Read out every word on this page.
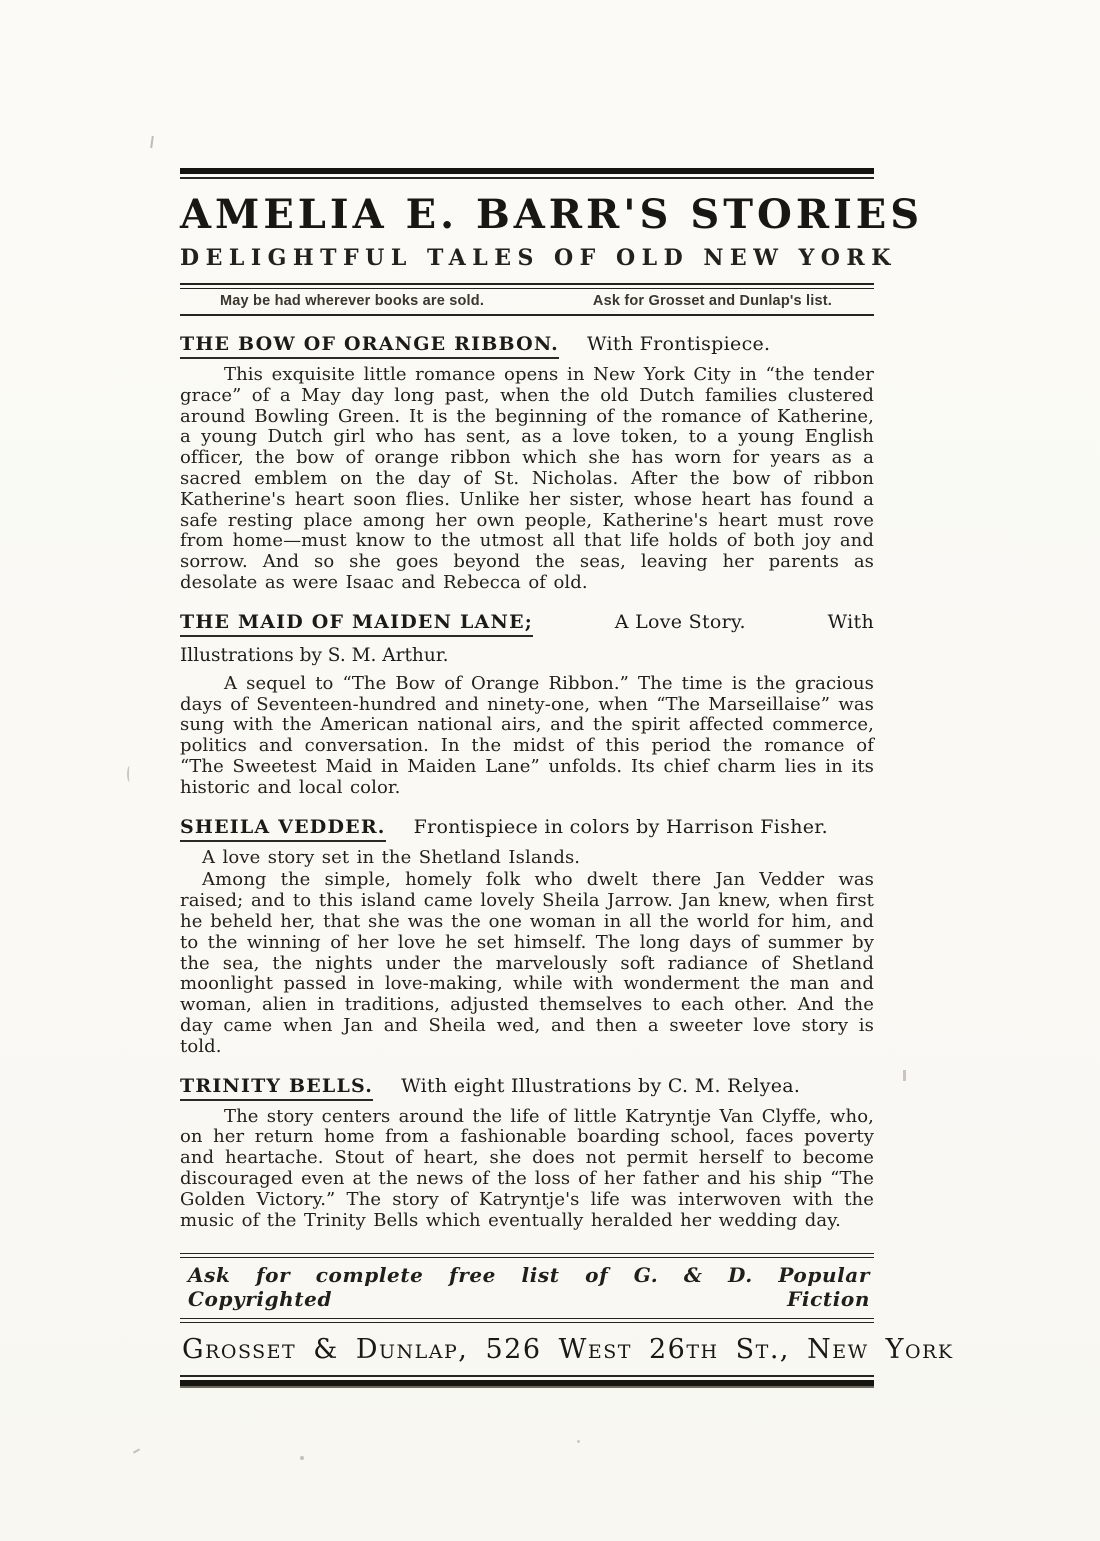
AMELIA E. BARR'S STORIES
DELIGHTFUL TALES OF OLD NEW YORK
May be had wherever books are sold.	Ask for Grosset and Dunlap's list.
THE BOW OF ORANGE RIBBON. With Frontispiece.

This exquisite little romance opens in New York City in “the tender grace” of a May day long past, when the old Dutch families clustered around Bowling Green. It is the beginning of the romance of Katherine, a young Dutch girl who has sent, as a love token, to a young English officer, the bow of orange ribbon which she has worn for years as a sacred emblem on the day of St. Nicholas. After the bow of ribbon Katherine's heart soon flies. Unlike her sister, whose heart has found a safe resting place among her own people, Katherine's heart must rove from home—must know to the utmost all that life holds of both joy and sorrow. And so she goes beyond the seas, leaving her parents as desolate as were Isaac and Rebecca of old.

THE MAID OF MAIDEN LANE;	A Love Story.	With
Illustrations by S. M. Arthur.

A sequel to “The Bow of Orange Ribbon.” The time is the gracious days of Seventeen-hundred and ninety-one, when “The Marseillaise” was sung with the American national airs, and the spirit affected commerce, politics and conversation. In the midst of this period the romance of “The Sweetest Maid in Maiden Lane” unfolds. Its chief charm lies in its historic and local color.

SHEILA VEDDER. Frontispiece in colors by Harrison Fisher.

A love story set in the Shetland Islands.

Among the simple, homely folk who dwelt there Jan Vedder was raised; and to this island came lovely Sheila Jarrow. Jan knew, when first he beheld her, that she was the one woman in all the world for him, and to the winning of her love he set himself. The long days of summer by the sea, the nights under the marvelously soft radiance of Shetland moonlight passed in love-making, while with wonderment the man and woman, alien in traditions, adjusted themselves to each other. And the day came when Jan and Sheila wed, and then a sweeter love story is told.

TRINITY BELLS. With eight Illustrations by C. M. Relyea.

The story centers around the life of little Katryntje Van Clyffe, who, on her return home from a fashionable boarding school, faces poverty and heartache. Stout of heart, she does not permit herself to become discouraged even at the news of the loss of her father and his ship “The Golden Victory.” The story of Katryntje's life was interwoven with the music of the Trinity Bells which eventually heralded her wedding day.

Ask for complete free list of G. & D. Popular Copyrighted Fiction
Grosset & Dunlap, 526 West 26th St., New York
